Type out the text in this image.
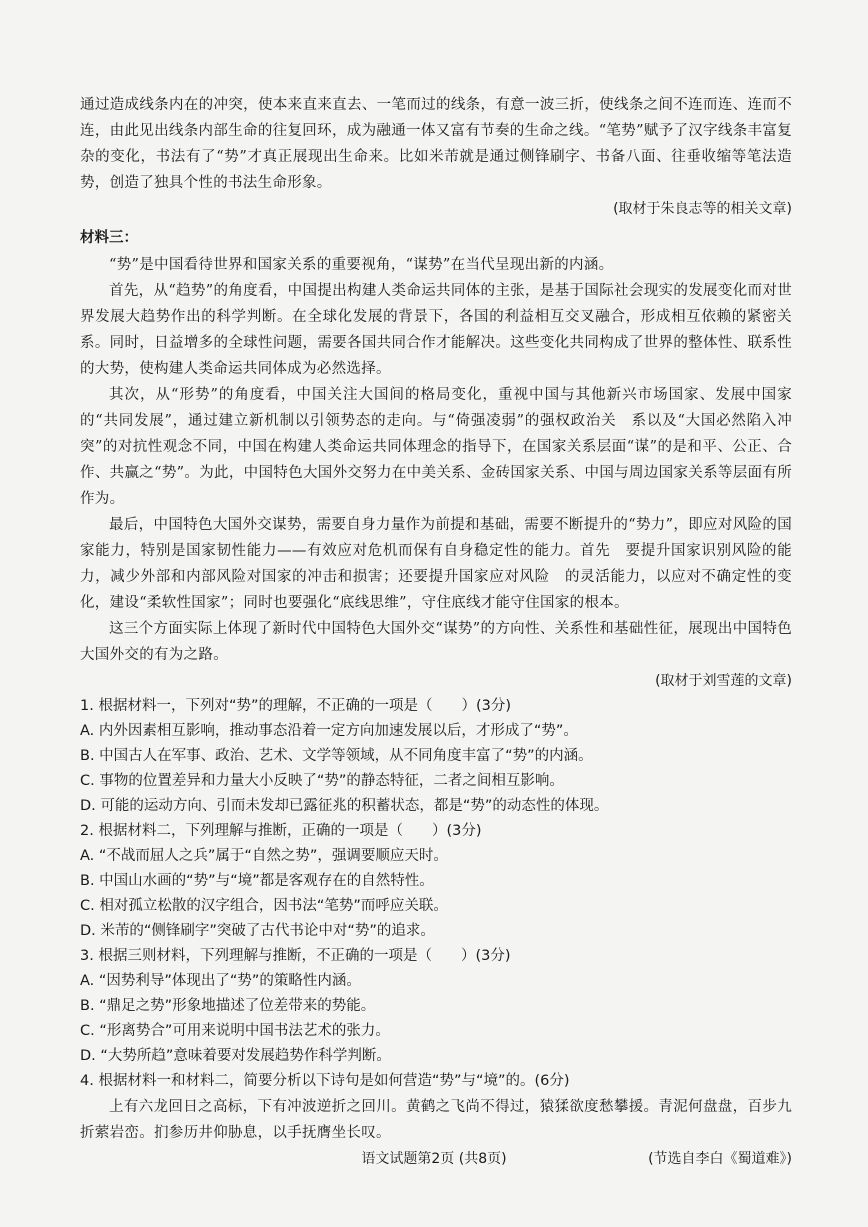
通过造成线条内在的冲突，使本来直来直去、一笔而过的线条，有意一波三折，使线条之间不连而连、连而不连，由此见出线条内部生命的往复回环，成为融通一体又富有节奏的生命之线。“笔势”赋予了汉字线条丰富复杂的变化，书法有了“势”才真正展现出生命来。比如米芾就是通过侧锋刷字、书备八面、往垂收缩等笔法造势，创造了独具个性的书法生命形象。

(取材于朱良志等的相关文章)

材料三：

“势”是中国看待世界和国家关系的重要视角，“谋势”在当代呈现出新的内涵。

首先，从“趋势”的角度看，中国提出构建人类命运共同体的主张，是基于国际社会现实的发展变化而对世界发展大趋势作出的科学判断。在全球化发展的背景下，各国的利益相互交叉融合，形成相互依赖的紧密关系。同时，日益增多的全球性问题，需要各国共同合作才能解决。这些变化共同构成了世界的整体性、联系性的大势，使构建人类命运共同体成为必然选择。

其次，从“形势”的角度看，中国关注大国间的格局变化，重视中国与其他新兴市场国家、发展中国家的“共同发展”，通过建立新机制以引领势态的走向。与“倚强凌弱”的强权政治关　系以及“大国必然陷入冲突”的对抗性观念不同，中国在构建人类命运共同体理念的指导下，在国家关系层面“谋”的是和平、公正、合作、共赢之“势”。为此，中国特色大国外交努力在中美关系、金砖国家关系、中国与周边国家关系等层面有所作为。

最后，中国特色大国外交谋势，需要自身力量作为前提和基础，需要不断提升的“势力”，即应对风险的国家能力，特别是国家韧性能力——有效应对危机而保有自身稳定性的能力。首先　要提升国家识别风险的能力，减少外部和内部风险对国家的冲击和损害；还要提升国家应对风险　的灵活能力，以应对不确定性的变化，建设“柔软性国家”；同时也要强化“底线思维”，守住底线才能守住国家的根本。

这三个方面实际上体现了新时代中国特色大国外交“谋势”的方向性、关系性和基础性征，展现出中国特色大国外交的有为之路。

(取材于刘雪莲的文章)

1. 根据材料一，下列对“势”的理解，不正确的一项是（　　）(3分)

A. 内外因素相互影响，推动事态沿着一定方向加速发展以后，才形成了“势”。

B. 中国古人在军事、政治、艺术、文学等领域，从不同角度丰富了“势”的内涵。

C. 事物的位置差异和力量大小反映了“势”的静态特征，二者之间相互影响。

D. 可能的运动方向、引而未发却已露征兆的积蓄状态，都是“势”的动态性的体现。

2. 根据材料二，下列理解与推断，正确的一项是（　　）(3分)

A. “不战而屈人之兵”属于“自然之势”，强调要顺应天时。

B. 中国山水画的“势”与“境”都是客观存在的自然特性。

C. 相对孤立松散的汉字组合，因书法“笔势”而呼应关联。

D. 米芾的“侧锋刷字”突破了古代书论中对“势”的追求。

3. 根据三则材料，下列理解与推断，不正确的一项是（　　）(3分)

A. “因势利导”体现出了“势”的策略性内涵。

B. “鼎足之势”形象地描述了位差带来的势能。

C. “形离势合”可用来说明中国书法艺术的张力。

D. “大势所趋”意味着要对发展趋势作科学判断。

4. 根据材料一和材料二，简要分析以下诗句是如何营造“势”与“境”的。(6分)

上有六龙回日之高标，下有冲波逆折之回川。黄鹤之飞尚不得过，猿猱欲度愁攀援。青泥何盘盘，百步九折萦岩峦。扪参历井仰胁息，以手抚膺坐长叹。

(节选自李白《蜀道难》)

语文试题第2页 (共8页)
